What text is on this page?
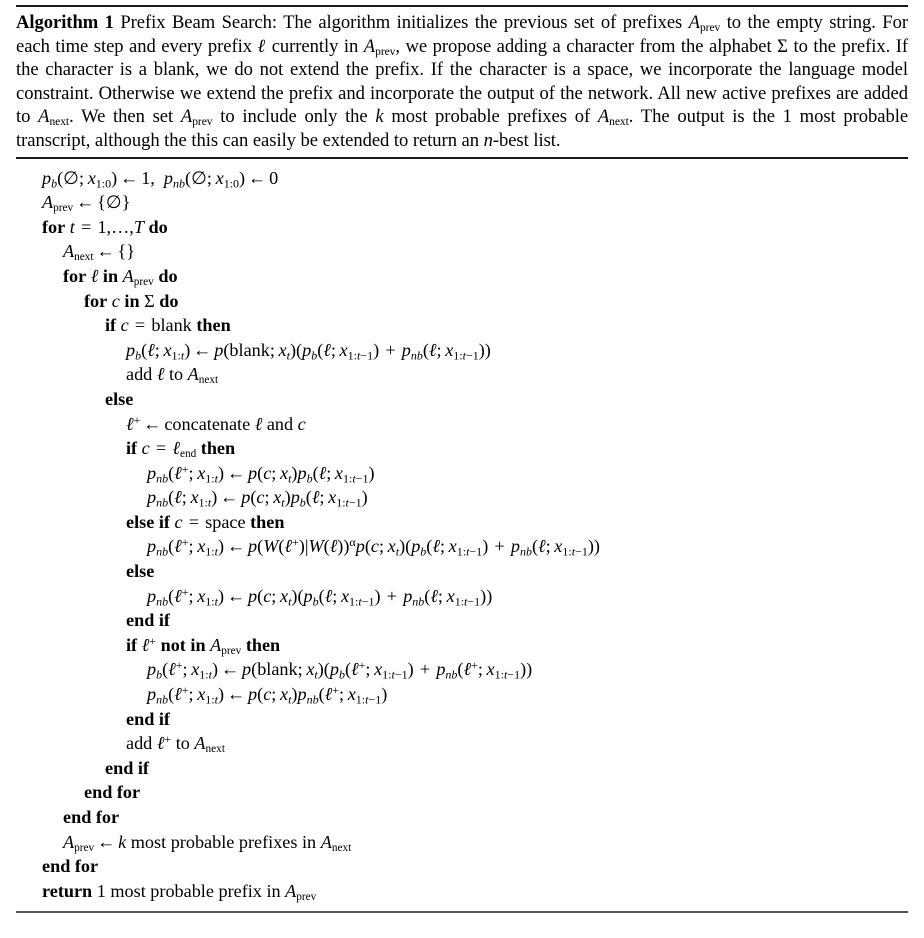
Algorithm 1 Prefix Beam Search: The algorithm initializes the previous set of prefixes $A_{prev}$ to the empty string. For each time step and every prefix ℓ currently in $A_{prev}$, we propose adding a character from the alphabet Σ to the prefix. If the character is a blank, we do not extend the prefix. If the character is a space, we incorporate the language model constraint. Otherwise we extend the prefix and incorporate the output of the network. All new active prefixes are added to $A_{next}$. We then set $A_{prev}$ to include only the k most probable prefixes of $A_{next}$. The output is the 1 most probable transcript, although the this can easily be extended to return an n-best list.
$p_b(\emptyset$; $x_{1:0}$) ← 1, $p_{nb}(\emptyset$; $x_{1:0}$) ← 0
$A_{prev}$ ← {∅}
for t = 1,…,T do
$A_{next}$ ← {}
for ℓ in $A_{prev}$ do
for c in Σ do
if c = blank then
$p_b(\ell$; $x_{1:t}$) ← p(blank; $x_t)(p_b(\ell$; $x_{1:t-1}$) + $p_{nb}(\ell$; $x_{1:t-1}$))
add ℓ to $A_{next}$
else
ℓ+ ← concatenate ℓ and c
if c = ℓ$_{end}$ then
$p_{nb}(\ell^+$; $x_{1:t}$) ← p(c; $x_t)p_b(\ell$; $x_{1:t-1}$)
$p_{nb}(\ell$; $x_{1:t}$) ← p(c; $x_t)p_b(\ell$; $x_{1:t-1}$)
else if c = space then
$p_{nb}(\ell^+$; $x_{1:t}$) ← p(W(ℓ+)|W(ℓ))$^\alpha$p(c; $x_t)(p_b(\ell$; $x_{1:t-1}$) + $p_{nb}(\ell$; $x_{1:t-1}$))
else
$p_{nb}(\ell^+$; $x_{1:t}$) ← p(c; $x_t)(p_b(\ell$; $x_{1:t-1}$) + $p_{nb}(\ell$; $x_{1:t-1}$))
end if
if ℓ+ not in $A_{prev}$ then
$p_b(\ell^+$; $x_{1:t}$) ← p(blank; $x_t)(p_b(\ell^+$; $x_{1:t-1}$) + $p_{nb}(\ell^+$; $x_{1:t-1}$))
$p_{nb}(\ell^+$; $x_{1:t}$) ← p(c; $x_t)p_{nb}(\ell^+$; $x_{1:t-1}$)
end if
add ℓ+ to $A_{next}$
end if
end for
end for
$A_{prev}$ ← k most probable prefixes in $A_{next}$
end for
return 1 most probable prefix in $A_{prev}$
